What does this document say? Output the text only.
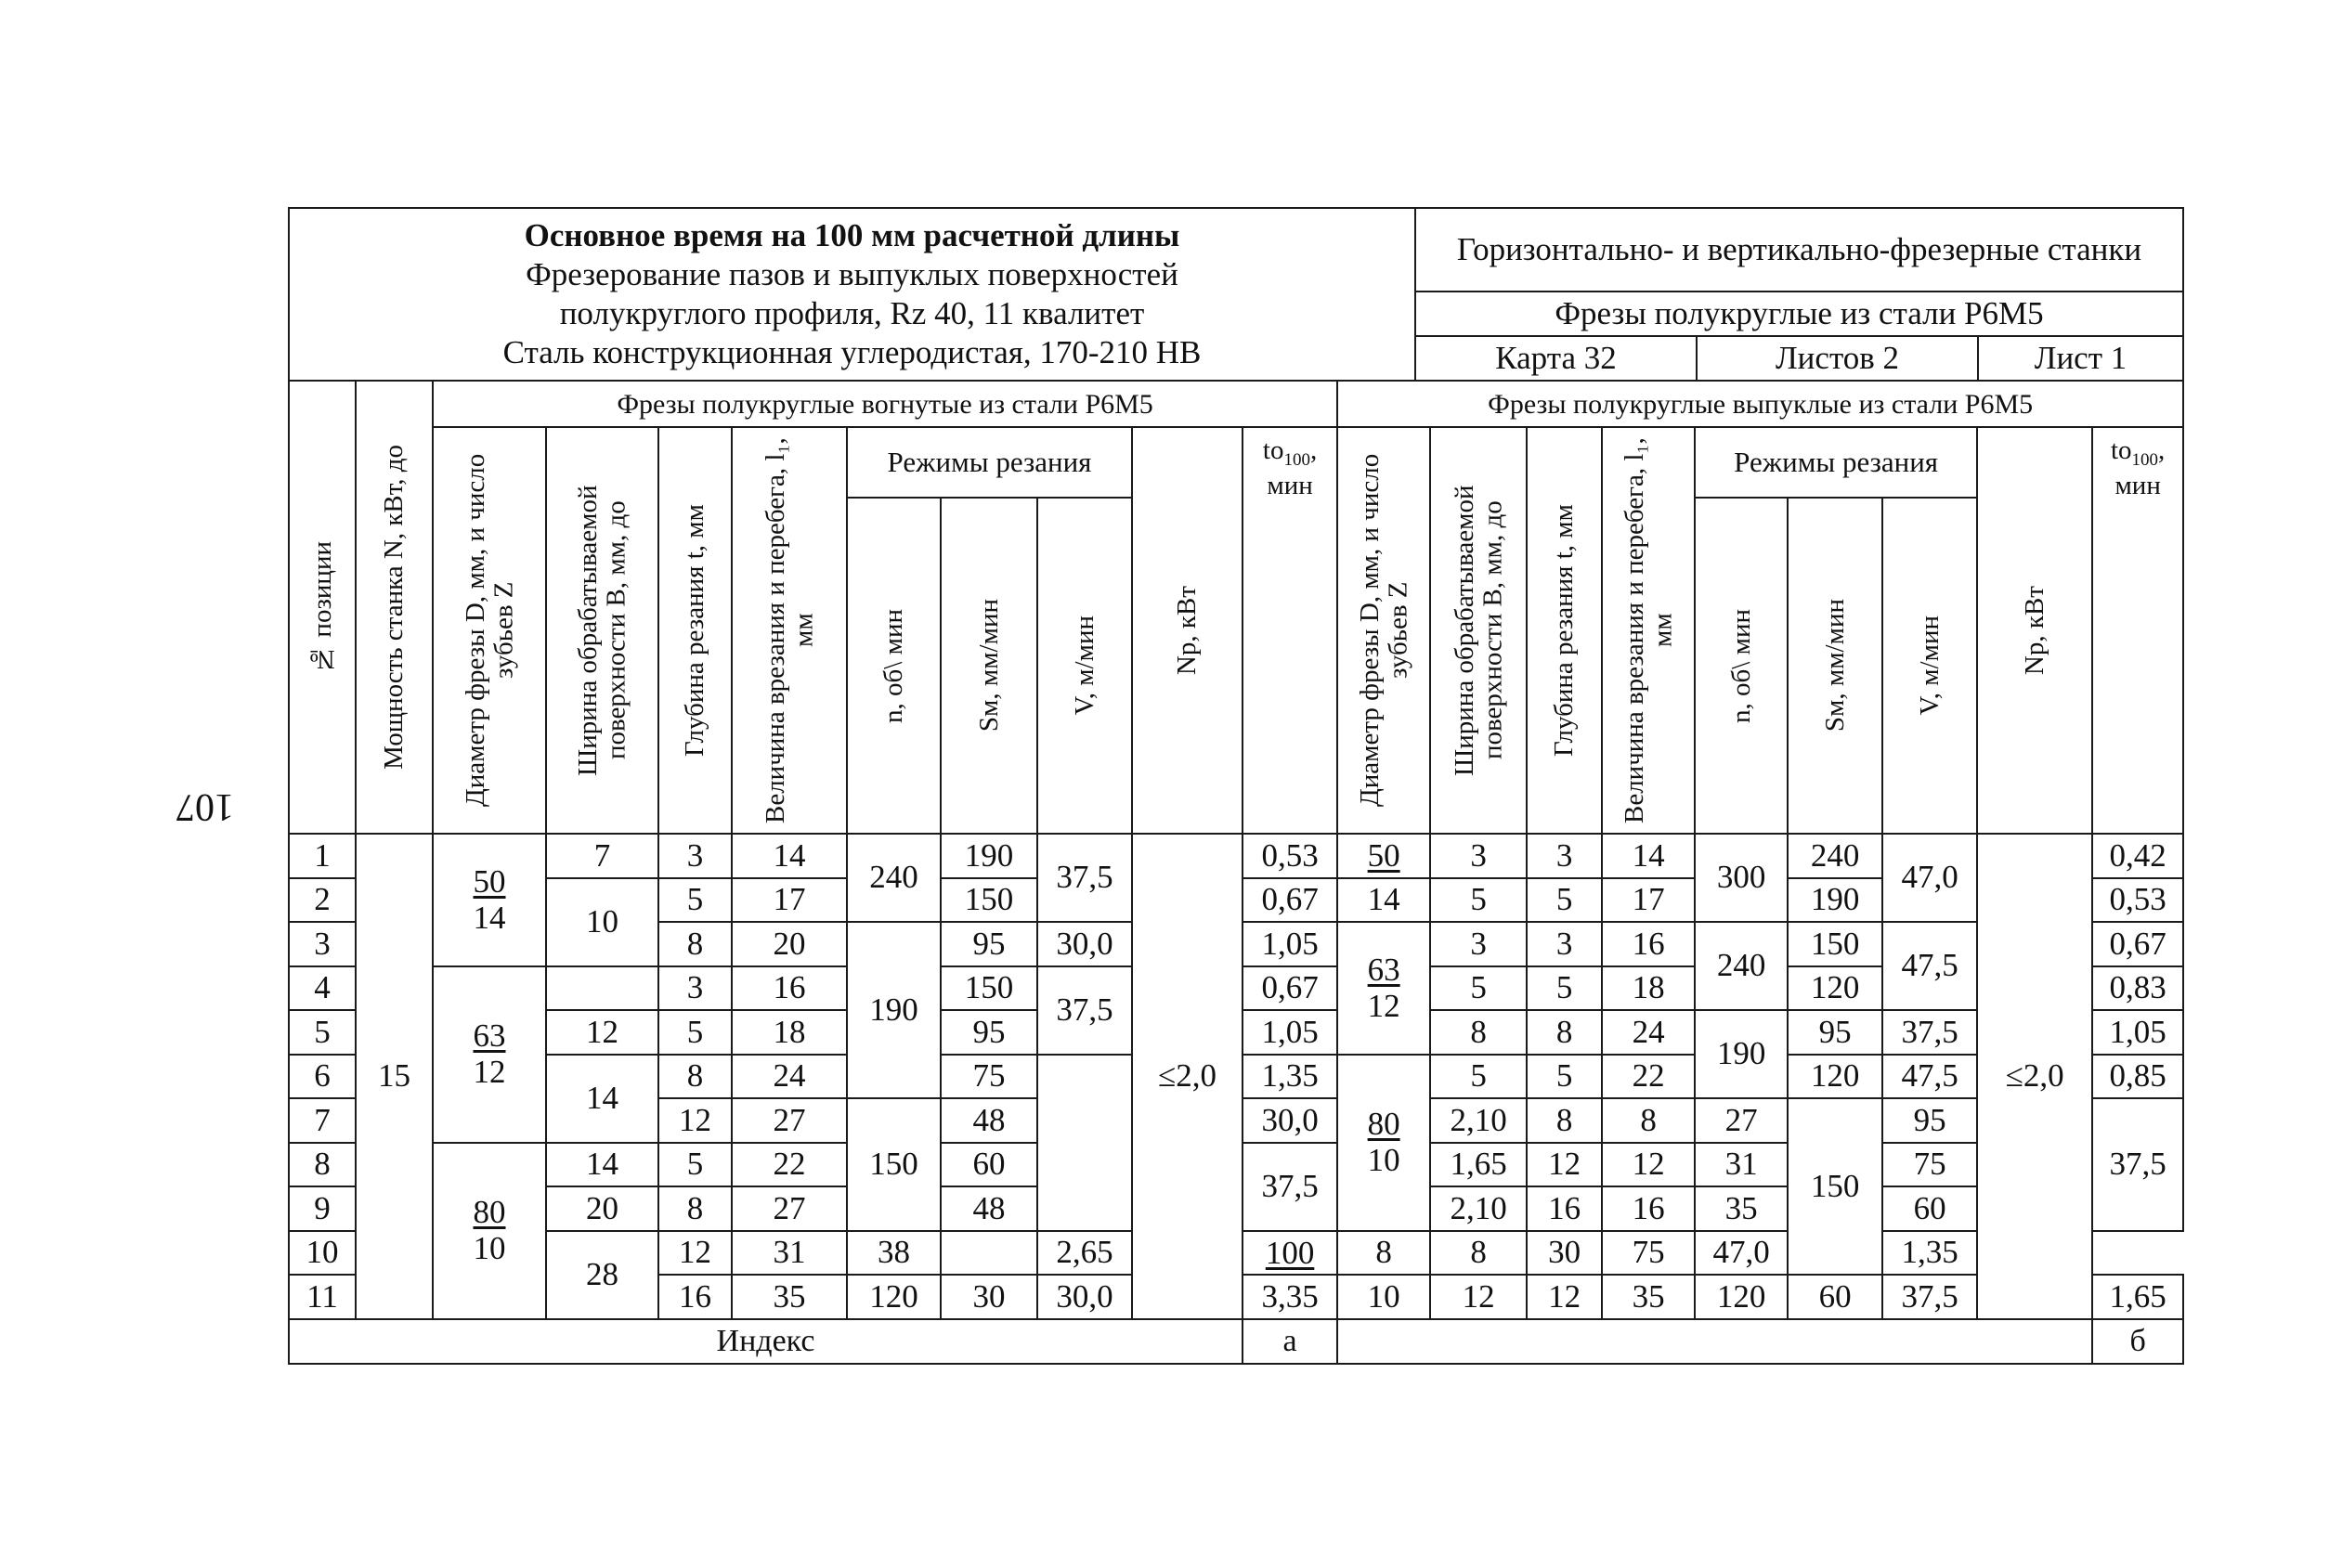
107
Основное время на 100 мм расчетной длины
Фрезерование пазов и выпуклых поверхностей
полукруглого профиля, Rz 40, 11 квалитет
Сталь конструкционная углеродистая, 170-210 НВ	Горизонтально- и вертикально-фрезерные станки		
	Фрезы полукруглые из стали Р6М5		
	Карта 32	Листов 2	Лист 1
№ позиции	Мощность станка N, кВт, до	Фрезы полукруглые вогнутые из стали Р6М5									Фрезы полукруглые выпуклые из стали Р6М5									

		Диаметр фрезы D, мм, и число зубьев Z	Ширина обрабатываемой поверхности В, мм, до	Глубина резания t, мм	Величина врезания и перебега, l₁, мм	Режимы резания			Nр, кВт	$to_{100}$, мин	Диаметр фрезы D, мм, и число зубьев Z	Ширина обрабатываемой поверхности В, мм, до	Глубина резания t, мм	Величина врезания и перебега, l₁, мм	Режимы резания			Nр, кВт	$to_{100}$, мин	

						n, об\ мин	Sм, мм/мин	V, м/мин							n, об\ мин	Sм, мм/мин	V, м/мин			

1	15	$\frac{50}{14}$	7	3	14	240	190	37,5	≤2,0	0,53	50	3	3	14	300	240	47,0	≤2,0	0,42	
2			10	5	17		150			0,67	14	5	5	17		190			0,53	
3				8	20	190	95	30,0		1,05	$\frac{63}{12}$	3	3	16	240	150	47,5		0,67	
4		$\frac{63}{12}$		3	16		150	37,5		0,67		5	5	18		120			0,83	
5			12	5	18		95			1,05		8	8	24	190	95	37,5		1,05	
6			14	8	24		75			1,35	$\frac{80}{10}$	5	5	22		120	47,5		0,85	
7				12	27	150	48			30,0		2,10	8	8	27	150	95		37,5	
8		$\frac{80}{10}$	14	5	22		60			37,5		1,65	12	12	31		75	
9			20	8	27		48					2,10	16	16	35		60	
10			28	12	31	38		2,65		100	8	8	30	75	47,0		1,35			
11				16	35	120	30	30,0		3,35	10	12	12	35	120	60	37,5		1,65	
Индекс										а									б	
